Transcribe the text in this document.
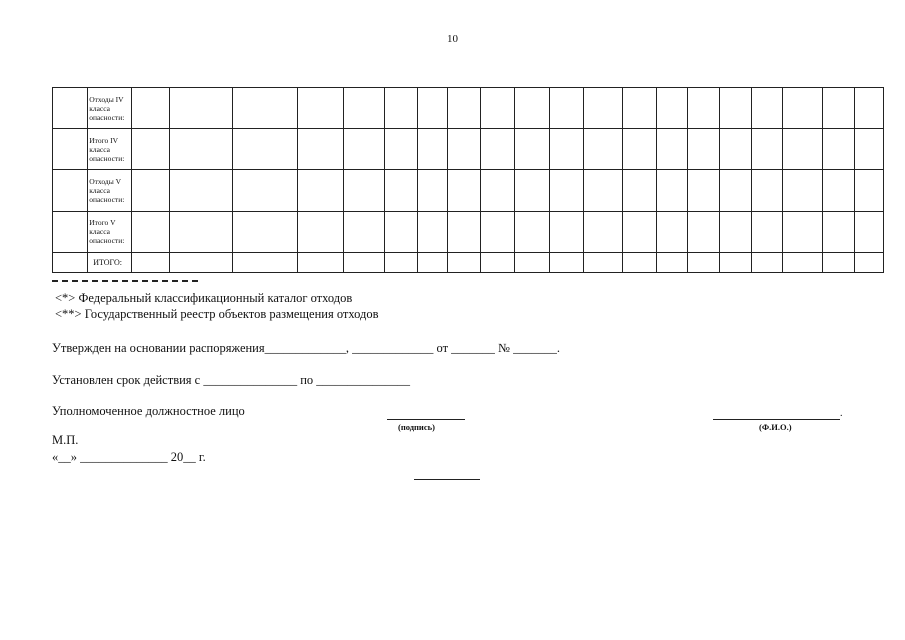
10
	Отходы IV класса опасности:																				
	Итого IV класса опасности:																				
	Отходы V класса опасности:																				
	Итого V класса опасности:																				
	ИТОГО:																				
<*> Федеральный классификационный каталог отходов
<**> Государственный реестр объектов размещения отходов
Утвержден на основании распоряжения_____________, _____________ от _______ № _______.
Установлен срок действия с _______________ по _______________
Уполномоченное должностное лицо
(подпись)
.
(Ф.И.О.)
М.П.
«__» ______________ 20__ г.
